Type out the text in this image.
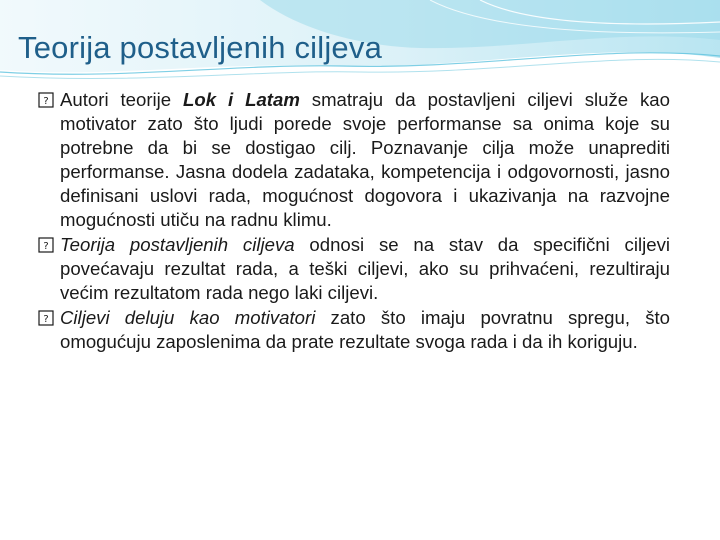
Teorija postavljenih ciljeva

? Autori teorije Lok i Latam smatraju da postavljeni ciljevi služe kao motivator zato što ljudi porede svoje performanse sa onima koje su potrebne da bi se dostigao cilj. Poznavanje cilja može unaprediti performanse. Jasna dodela zadataka, kompetencija i odgovornosti, jasno definisani uslovi rada, mogućnost dogovora i ukazivanja na razvojne mogućnosti utiču na radnu klimu.

? Teorija postavljenih ciljeva odnosi se na stav da specifični ciljevi povećavaju rezultat rada, a teški ciljevi, ako su prihvaćeni, rezultiraju većim rezultatom rada nego laki ciljevi.

? Ciljevi deluju kao motivatori zato što imaju povratnu spregu, što omogućuju zaposlenima da prate rezultate svoga rada i da ih koriguju.
